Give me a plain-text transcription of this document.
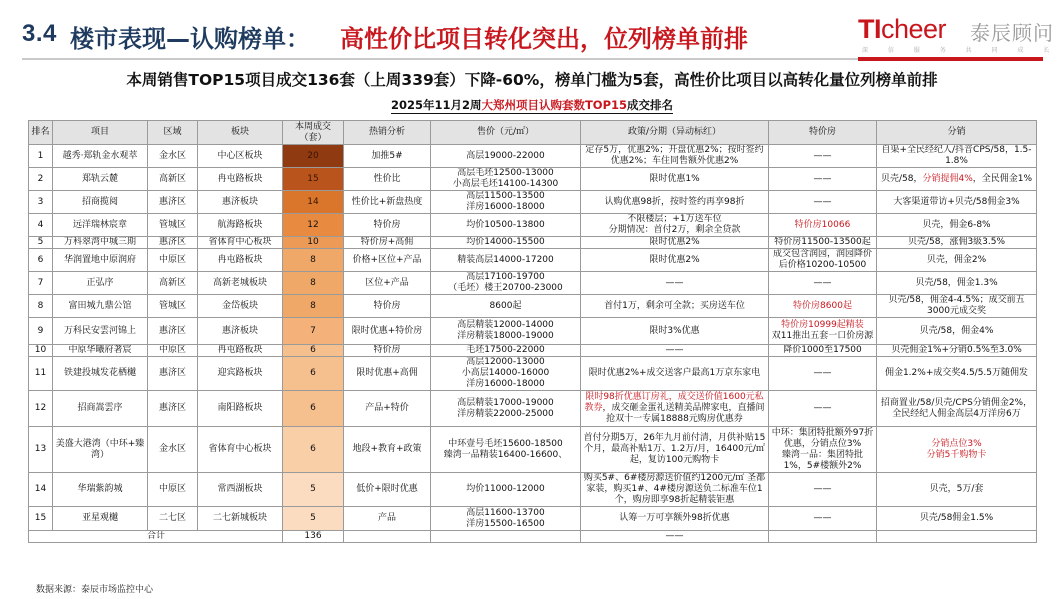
3.4 楼市表现—认购榜单： 高性价比项目转化突出，位列榜单前排	TIcheer 泰辰顾问
深 信 服 务 共 同 成 长
本周销售TOP15项目成交136套（上周339套）下降-60%，榜单门槛为5套，高性价比项目以高转化量位列榜单前排
2025年11月2周大郑州项目认购套数TOP15成交排名
排名	项目	区域	板块	本周成交（套）	热销分析	售价（元/㎡）	政策/分期（异动标红）	特价房	分销
1	越秀·郑轨金水观萃	金水区	中心区板块	20	加推5#	高层19000-22000	定存5万，优惠2%；开盘优惠2%；按时签约优惠2%；车住同售额外优惠2%	——	自渠+全民经纪人/抖音CPS/58，1.5-1.8%
2	郑轨云麓	高新区	冉屯路板块	15	性价比	高层毛坯12500-13000
小高层毛坯14100-14300	限时优惠1%	——	贝壳/58，分销提佣4%，全民佣金1%
3	招商揽阅	惠济区	惠济板块	14	性价比+新盘热度	高层11500-13500
洋房16000-18000	认购优惠98折，按时签约再享98折	——	大客渠道带访+贝壳/58佣金3%
4	远洋瑞林宸章	管城区	航海路板块	12	特价房	均价10500-13800	不限楼层；+1万送车位
分期情况：首付2万，剩余全贷款	特价房10066	贝壳，佣金6-8%
5	万科翠湾中城三期	惠济区	省体育中心板块	10	特价房+高佣	均价14000-15500	限时优惠2%	特价房11500-13500起	贝壳/58，涨佣3級3.5%
6	华润置地中原润府	中原区	冉屯路板块	8	价格+区位+产品	精装高层14000-17200	限时优惠2%	成交包含润园，润园降价后价格10200-10500	贝壳，佣金2%
7	正弘序	高新区	高新老城板块	8	区位+产品	高层17100-19700
（毛坯）楼王20700-23000	——	——	贝壳/58，佣金1.3%
8	富田城九鼎公馆	管城区	金岱板块	8	特价房	8600起	首付1万，剩余可全款；买房送车位	特价房8600起	贝壳/58，佣金4-4.5%；成交前五3000元成交奖
9	万科民安雲河锦上	惠济区	惠济板块	7	限时优惠+特价房	高层精装12000-14000
洋房精装18000-19000	限时3%优惠	特价房10999起精装
双11推出五套一口价房源	贝壳/58，佣金4%
10	中原华曦府著宸	中原区	冉屯路板块	6	特价房	毛坯17500-22000	——	降价1000至17500	贝壳佣金1%+分销0.5%至3.0%
11	铁建投城发花栖樾	惠济区	迎宾路板块	6	限时优惠+高佣	高层12000-13000
小高层14000-16000
洋房16000-18000	限时优惠2%+成交送客户最高1万京东家电	——	佣金1.2%+成交奖4.5/5.5万随佣发
12	招商嵩雲序	惠济区	南阳路板块	6	产品+特价	高层精装17000-19000
洋房精装22000-25000	限时98折优惠订房礼，成交送价值1600元私教券，成交砸金蛋礼送精美品牌家电，直播间抢双十一专属18888元购房优惠券	——	招商置业/58/贝壳/CPS分销佣金2%，全民经纪人佣金高层4万洋房6万
13	美盛大港湾（中环+臻湾）	金水区	省体育中心板块	6	地段+教育+政策	中环壹号毛坯15600-18500
臻湾一品精装16400-16600、	首付分期5万，26年九月前付清，月供补贴15个月，最高补贴1万、1.2万/月，16400元/㎡起，复访100元购物卡	中环：集团特批额外97折优惠，分销点位3%
臻湾一品：集团特批1%，5#楼额外2%	分销点位3%
分销5千购物卡
14	华瑞紫韵城	中原区	常西湖板块	5	低价+限时优惠	均价11000-12000	购买5#、6#楼房源送价值约1200元/㎡ 圣都家装，购买1#、4#楼房源送负二标准车位1个，购房即享98折起精装钜惠	——	贝壳，5万/套
15	亚星观樾	二七区	二七新城板块	5	产品	高层11600-13700
洋房15500-16500	认筹一万可享额外98折优惠	——	贝壳/58佣金1.5%
合计				136			——		
数据来源：泰辰市场监控中心
